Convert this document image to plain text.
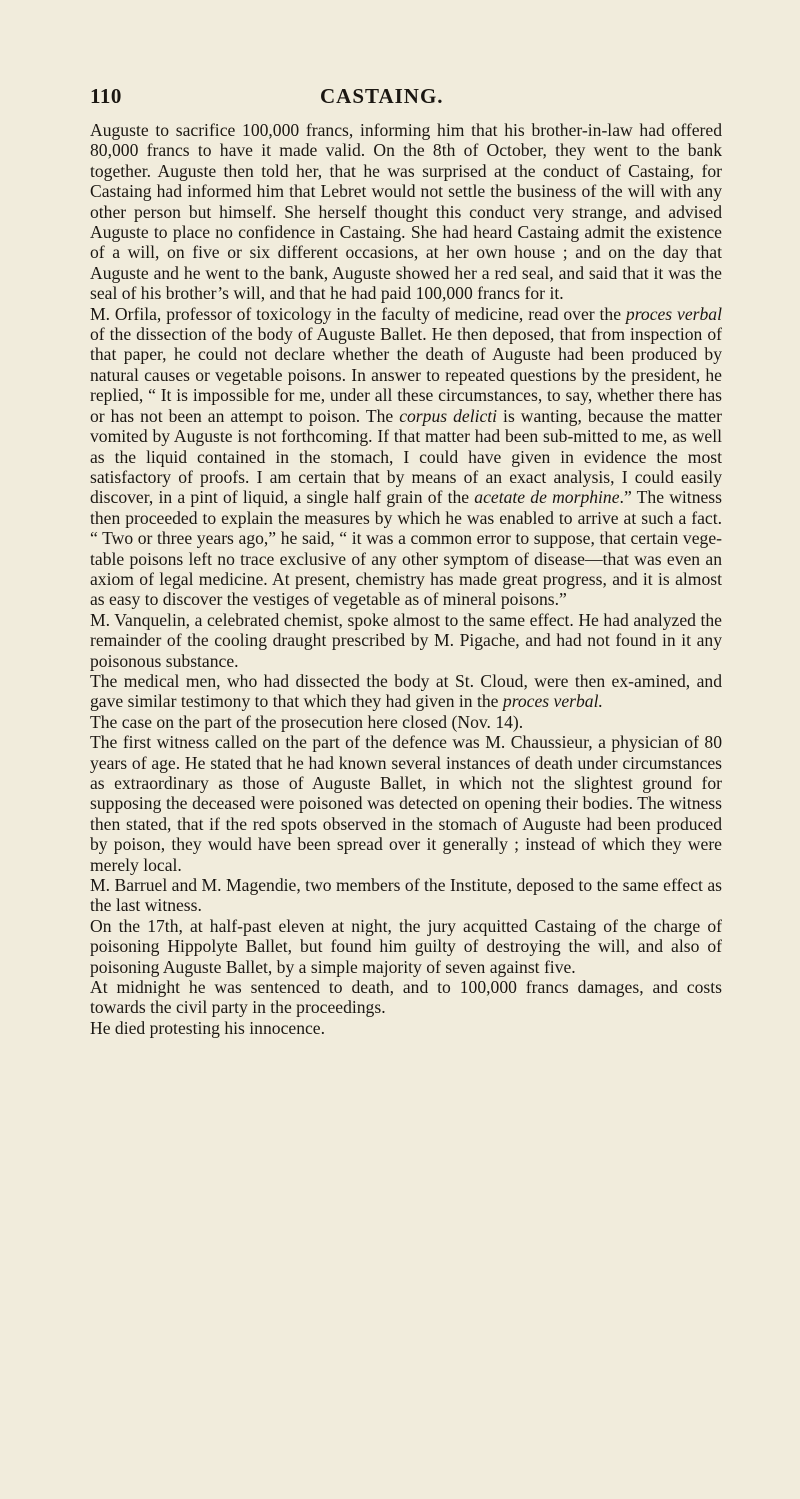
110	CASTAING.

Auguste to sacrifice 100,000 francs, informing him that his brother-in-law had offered 80,000 francs to have it made valid. On the 8th of October, they went to the bank together. Auguste then told her, that he was surprised at the conduct of Castaing, for Castaing had informed him that Lebret would not settle the business of the will with any other person but himself. She herself thought this conduct very strange, and advised Auguste to place no confidence in Castaing. She had heard Castaing admit the existence of a will, on five or six different occasions, at her own house ; and on the day that Auguste and he went to the bank, Auguste showed her a red seal, and said that it was the seal of his brother’s will, and that he had paid 100,000 francs for it.

M. Orfila, professor of toxicology in the faculty of medicine, read over the proces verbal of the dissection of the body of Auguste Ballet. He then deposed, that from inspection of that paper, he could not declare whether the death of Auguste had been produced by natural causes or vegetable poisons. In answer to repeated questions by the president, he replied, “ It is impossible for me, under all these circumstances, to say, whether there has or has not been an attempt to poison. The corpus delicti is wanting, because the matter vomited by Auguste is not forthcoming. If that matter had been sub-mitted to me, as well as the liquid contained in the stomach, I could have given in evidence the most satisfactory of proofs. I am certain that by means of an exact analysis, I could easily discover, in a pint of liquid, a single half grain of the acetate de morphine.” The witness then proceeded to explain the measures by which he was enabled to arrive at such a fact. “ Two or three years ago,” he said, “ it was a common error to suppose, that certain vege-table poisons left no trace exclusive of any other symptom of disease—that was even an axiom of legal medicine. At present, chemistry has made great progress, and it is almost as easy to discover the vestiges of vegetable as of mineral poisons.”

M. Vanquelin, a celebrated chemist, spoke almost to the same effect. He had analyzed the remainder of the cooling draught prescribed by M. Pigache, and had not found in it any poisonous substance.

The medical men, who had dissected the body at St. Cloud, were then ex-amined, and gave similar testimony to that which they had given in the proces verbal.

The case on the part of the prosecution here closed (Nov. 14).

The first witness called on the part of the defence was M. Chaussieur, a physician of 80 years of age. He stated that he had known several instances of death under circumstances as extraordinary as those of Auguste Ballet, in which not the slightest ground for supposing the deceased were poisoned was detected on opening their bodies. The witness then stated, that if the red spots observed in the stomach of Auguste had been produced by poison, they would have been spread over it generally ; instead of which they were merely local.

M. Barruel and M. Magendie, two members of the Institute, deposed to the same effect as the last witness.

On the 17th, at half-past eleven at night, the jury acquitted Castaing of the charge of poisoning Hippolyte Ballet, but found him guilty of destroying the will, and also of poisoning Auguste Ballet, by a simple majority of seven against five.

At midnight he was sentenced to death, and to 100,000 francs damages, and costs towards the civil party in the proceedings.

He died protesting his innocence.
